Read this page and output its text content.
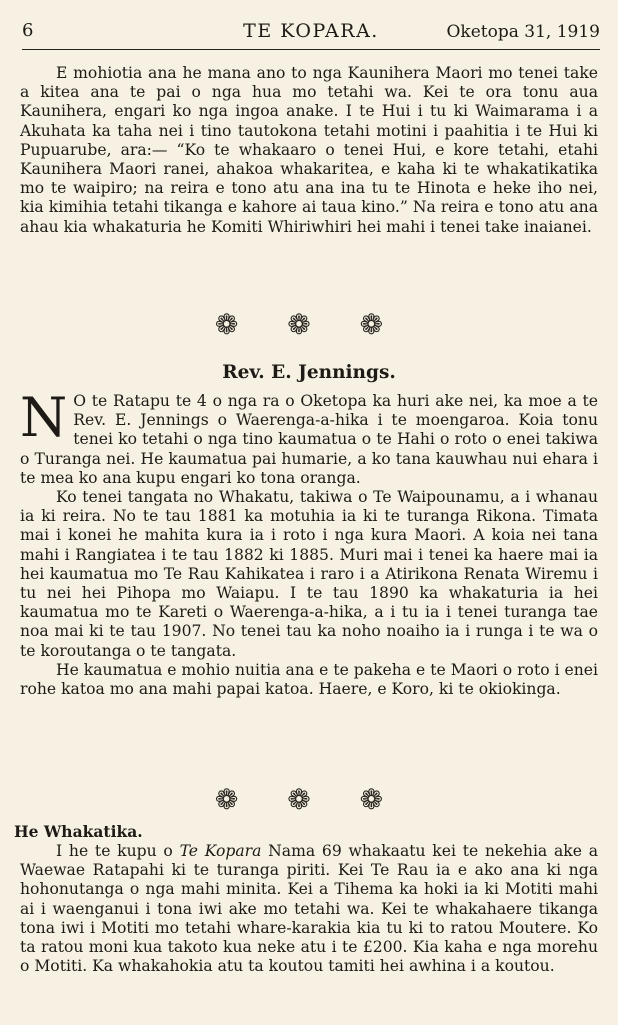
6	TE KOPARA.	Oketopa 31, 1919

E mohiotia ana he mana ano to nga Kaunihera Maori mo tenei take a kitea ana te pai o nga hua mo tetahi wa. Kei te ora tonu aua Kaunihera, engari ko nga ingoa anake. I te Hui i tu ki Waimarama i a Akuhata ka taha nei i tino tautokona tetahi motini i paahitia i te Hui ki Pupuarube, ara:— “Ko te whakaaro o tenei Hui, e kore tetahi, etahi Kaunihera Maori ranei, ahakoa whakaritea, e kaha ki te whakatikatika mo te waipiro; na reira e tono atu ana ina tu te Hinota e heke iho nei, kia kimihia tetahi tikanga e kahore ai taua kino.” Na reira e tono atu ana ahau kia whakaturia he Komiti Whiriwhiri hei mahi i tenei take inaianei.

❁ ❁ ❁
Rev. E. Jennings.

N O te Ratapu te 4 o nga ra o Oketopa ka huri ake nei, ka moe a te Rev. E. Jennings o Waerenga-a-hika i te moengaroa. Koia tonu tenei ko tetahi o nga tino kaumatua o te Hahi o roto o enei takiwa o Turanga nei. He kaumatua pai humarie, a ko tana kauwhau nui ehara i te mea ko ana kupu engari ko tona oranga.

Ko tenei tangata no Whakatu, takiwa o Te Waipounamu, a i whanau ia ki reira. No te tau 1881 ka motuhia ia ki te turanga Rikona. Timata mai i konei he mahita kura ia i roto i nga kura Maori. A koia nei tana mahi i Rangiatea i te tau 1882 ki 1885. Muri mai i tenei ka haere mai ia hei kaumatua mo Te Rau Kahikatea i raro i a Atirikona Renata Wiremu i tu nei hei Pihopa mo Waiapu. I te tau 1890 ka whakaturia ia hei kaumatua mo te Kareti o Waerenga-a-hika, a i tu ia i tenei turanga tae noa mai ki te tau 1907. No tenei tau ka noho noaiho ia i runga i te wa o te koroutanga o te tangata.

He kaumatua e mohio nuitia ana e te pakeha e te Maori o roto i enei rohe katoa mo ana mahi papai katoa. Haere, e Koro, ki te okiokinga.

❁ ❁ ❁
He Whakatika.

I he te kupu o Te Kopara Nama 69 whakaatu kei te nekehia ake a Waewae Ratapahi ki te turanga piriti. Kei Te Rau ia e ako ana ki nga hohonutanga o nga mahi minita. Kei a Tihema ka hoki ia ki Motiti mahi ai i waenganui i tona iwi ake mo tetahi wa. Kei te whakahaere tikanga tona iwi i Motiti mo tetahi whare-karakia kia tu ki to ratou Moutere. Ko ta ratou moni kua takoto kua neke atu i te £200. Kia kaha e nga morehu o Motiti. Ka whakahokia atu ta koutou tamiti hei awhina i a koutou.
